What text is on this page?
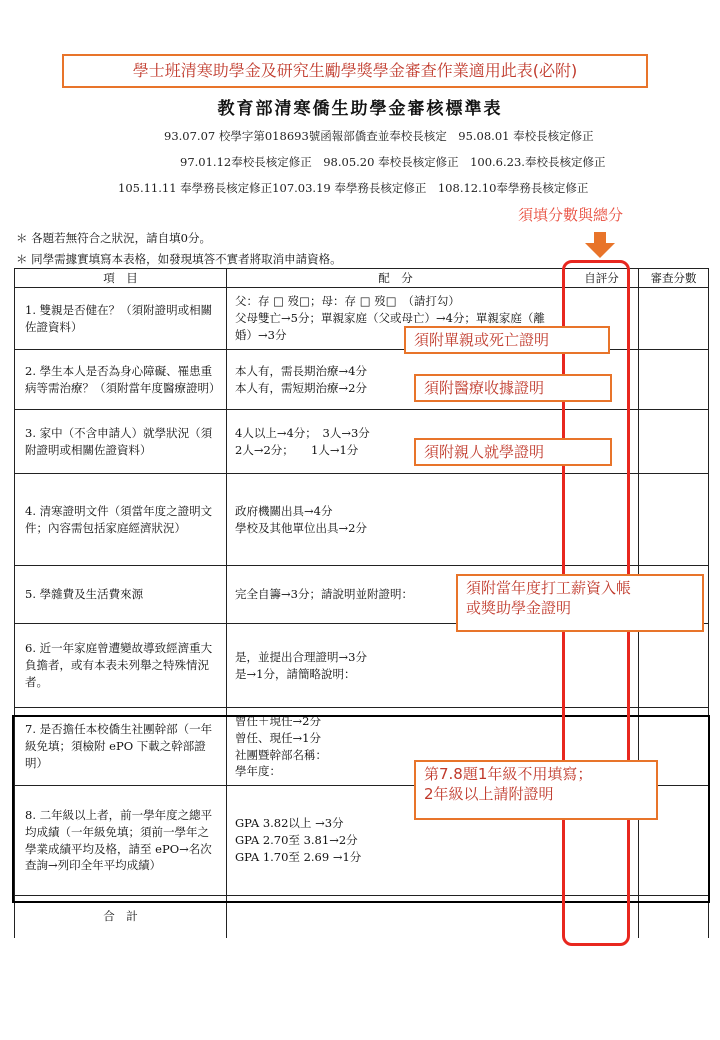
學士班清寒助學金及研究生勵學獎學金審查作業適用此表(必附)
教育部清寒僑生助學金審核標準表
93.07.07 校學字第018693號函報部僑查並奉校長核定　95.08.01 奉校長核定修正
97.01.12奉校長核定修正　98.05.20 奉校長核定修正　100.6.23.奉校長核定修正
105.11.11 奉學務長核定修正107.03.19 奉學務長核定修正　108.12.10奉學務長核定修正
須填分數與總分
＊ 各題若無符合之狀況，請自填0分。
＊ 同學需據實填寫本表格，如發現填答不實者將取消申請資格。
項　目	配　分	自評分	審查分數
1. 雙親是否健在？（須附證明或相關佐證資料）	父：存 □ 歿□；母：存 □ 歿□　（請打勾）
父母雙亡→5分；單親家庭（父或母亡）→4分；單親家庭（離婚）→3分		
2. 學生本人是否為身心障礙、罹患重病等需治療？（須附當年度醫療證明）	本人有，需長期治療→4分
本人有，需短期治療→2分		
3. 家中（不含申請人）就學狀況（須附證明或相關佐證資料）	4人以上→4分；　3人→3分
2人→2分；　　1人→1分		
4. 清寒證明文件（須當年度之證明文件；內容需包括家庭經濟狀況）	政府機關出具→4分
學校及其他單位出具→2分		
5. 學雜費及生活費來源	完全自籌→3分；請說明並附證明：		
6. 近一年家庭曾遭變故導致經濟重大負擔者，或有本表未列舉之特殊情況者。	是，並提出合理證明→3分
是→1分，請簡略說明：		
7. 是否擔任本校僑生社團幹部（一年級免填；須檢附 ePO 下載之幹部證明）	曾任＋現任→2分
曾任、現任→1分
社團暨幹部名稱：
學年度：		
8. 二年級以上者，前一學年度之總平均成績（一年級免填；須前一學年之學業成績平均及格，請至 ePO→名次查詢→列印全年平均成績）	GPA 3.82以上 →3分
GPA 2.70至 3.81→2分
GPA 1.70至 2.69 →1分		
合　計			
須附單親或死亡證明
須附醫療收據證明
須附親人就學證明
須附當年度打工薪資入帳
或獎助學金證明
第7.8題1年級不用填寫；
2年級以上請附證明
